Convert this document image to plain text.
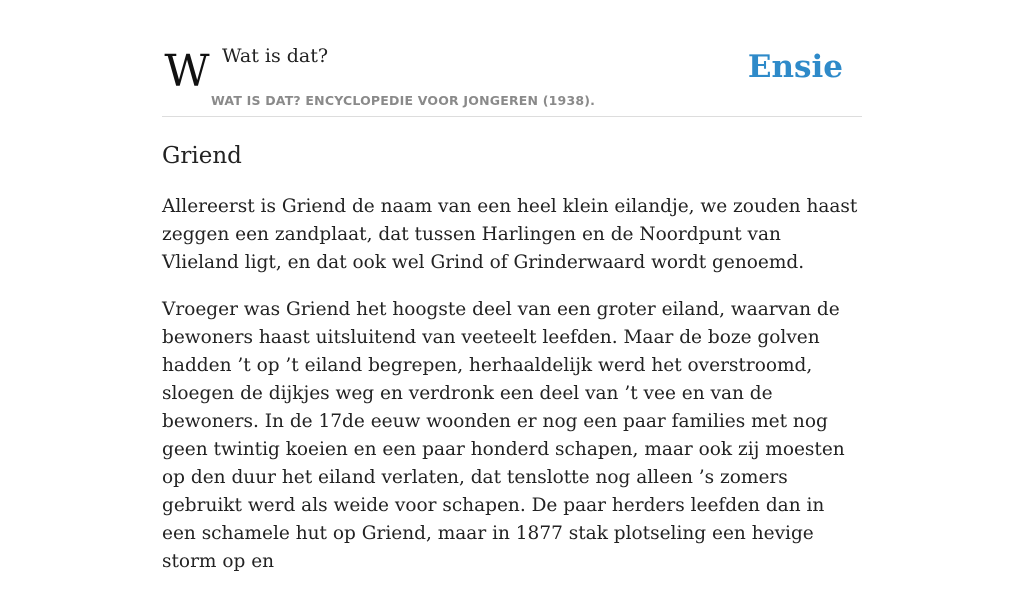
W Wat is dat?
WAT IS DAT? ENCYCLOPEDIE VOOR JONGEREN (1938).
Ensie
Griend

Allereerst is Griend de naam van een heel klein eilandje, we zouden haast zeggen een zandplaat, dat tussen Harlingen en de Noordpunt van Vlieland ligt, en dat ook wel Grind of Grinderwaard wordt genoemd.

Vroeger was Griend het hoogste deel van een groter eiland, waarvan de bewoners haast uitsluitend van veeteelt leefden. Maar de boze golven hadden ’t op ’t eiland begrepen, herhaaldelijk werd het overstroomd, sloegen de dijkjes weg en verdronk een deel van ’t vee en van de bewoners. In de 17de eeuw woonden er nog een paar families met nog geen twintig koeien en een paar honderd schapen, maar ook zij moesten op den duur het eiland verlaten, dat tenslotte nog alleen ’s zomers gebruikt werd als weide voor schapen. De paar herders leefden dan in een schamele hut op Griend, maar in 1877 stak plotseling een hevige storm op en
